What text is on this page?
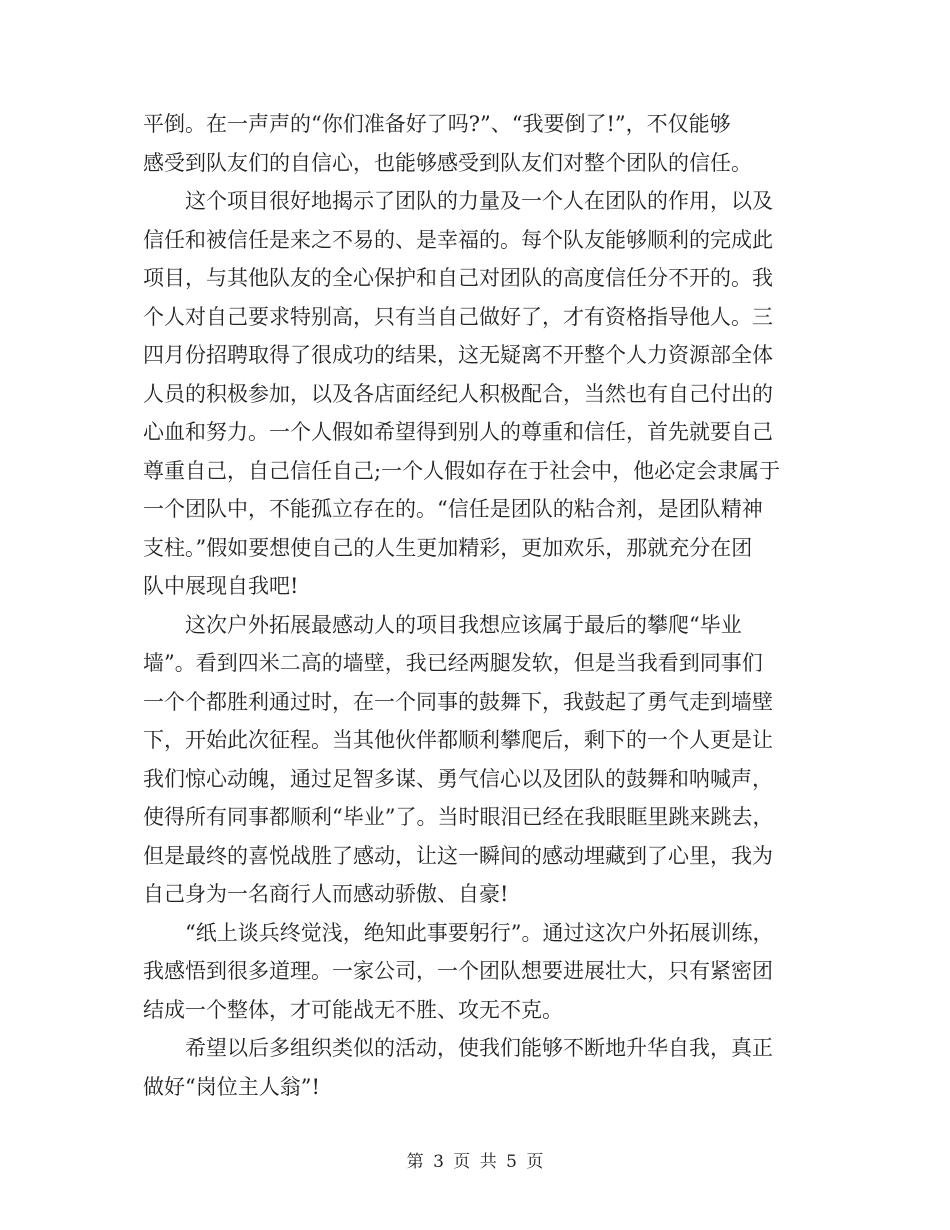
平倒。在一声声的“你们准备好了吗?”、“我要倒了!”，不仅能够
感受到队友们的自信心，也能够感受到队友们对整个团队的信任。
这个项目很好地揭示了团队的力量及一个人在团队的作用，以及
信任和被信任是来之不易的、是幸福的。每个队友能够顺利的完成此
项目，与其他队友的全心保护和自己对团队的高度信任分不开的。我
个人对自己要求特别高，只有当自己做好了，才有资格指导他人。三
四月份招聘取得了很成功的结果，这无疑离不开整个人力资源部全体
人员的积极参加，以及各店面经纪人积极配合，当然也有自己付出的
心血和努力。一个人假如希望得到别人的尊重和信任，首先就要自己
尊重自己，自己信任自己;一个人假如存在于社会中，他必定会隶属于
一个团队中，不能孤立存在的。“信任是团队的粘合剂，是团队精神
支柱。”假如要想使自己的人生更加精彩，更加欢乐，那就充分在团
队中展现自我吧!
这次户外拓展最感动人的项目我想应该属于最后的攀爬“毕业
墙”。看到四米二高的墙壁，我已经两腿发软，但是当我看到同事们
一个个都胜利通过时，在一个同事的鼓舞下，我鼓起了勇气走到墙壁
下，开始此次征程。当其他伙伴都顺利攀爬后，剩下的一个人更是让
我们惊心动魄，通过足智多谋、勇气信心以及团队的鼓舞和呐喊声，
使得所有同事都顺利“毕业”了。当时眼泪已经在我眼眶里跳来跳去，
但是最终的喜悦战胜了感动，让这一瞬间的感动埋藏到了心里，我为
自己身为一名商行人而感动骄傲、自豪!
“纸上谈兵终觉浅，绝知此事要躬行”。通过这次户外拓展训练，
我感悟到很多道理。一家公司，一个团队想要进展壮大，只有紧密团
结成一个整体，才可能战无不胜、攻无不克。
希望以后多组织类似的活动，使我们能够不断地升华自我，真正
做好“岗位主人翁”!
第 3 页 共 5 页
